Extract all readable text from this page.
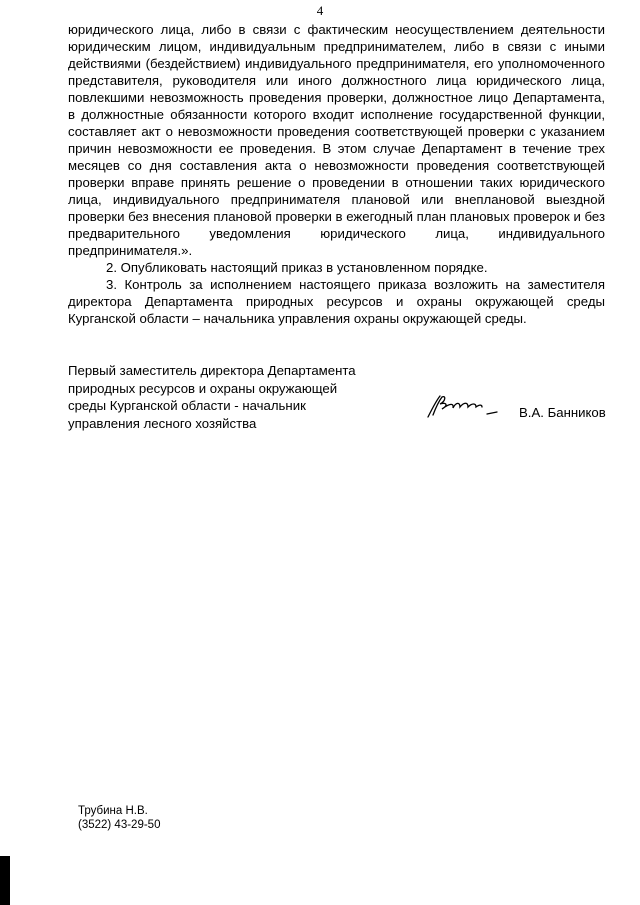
4

юридического лица, либо в связи с фактическим неосуществлением деятельности юридическим лицом, индивидуальным предпринимателем, либо в связи с иными действиями (бездействием) индивидуального предпринимателя, его уполномоченного представителя, руководителя или иного должностного лица юридического лица, повлекшими невозможность проведения проверки, должностное лицо Департамента, в должностные обязанности которого входит исполнение государственной функции, составляет акт о невозможности проведения соответствующей проверки с указанием причин невозможности ее проведения. В этом случае Департамент в течение трех месяцев со дня составления акта о невозможности проведения соответствующей проверки вправе принять решение о проведении в отношении таких юридического лица, индивидуального предпринимателя плановой или внеплановой выездной проверки без внесения плановой проверки в ежегодный план плановых проверок и без предварительного уведомления юридического лица, индивидуального предпринимателя.».

2. Опубликовать настоящий приказ в установленном порядке.

3. Контроль за исполнением настоящего приказа возложить на заместителя директора Департамента природных ресурсов и охраны окружающей среды Курганской области – начальника управления охраны окружающей среды.

Первый заместитель директора Департамента
природных ресурсов и охраны окружающей
среды Курганской области - начальник
управления лесного хозяйства
В.А. Банников
Трубина Н.В.
(3522) 43-29-50
